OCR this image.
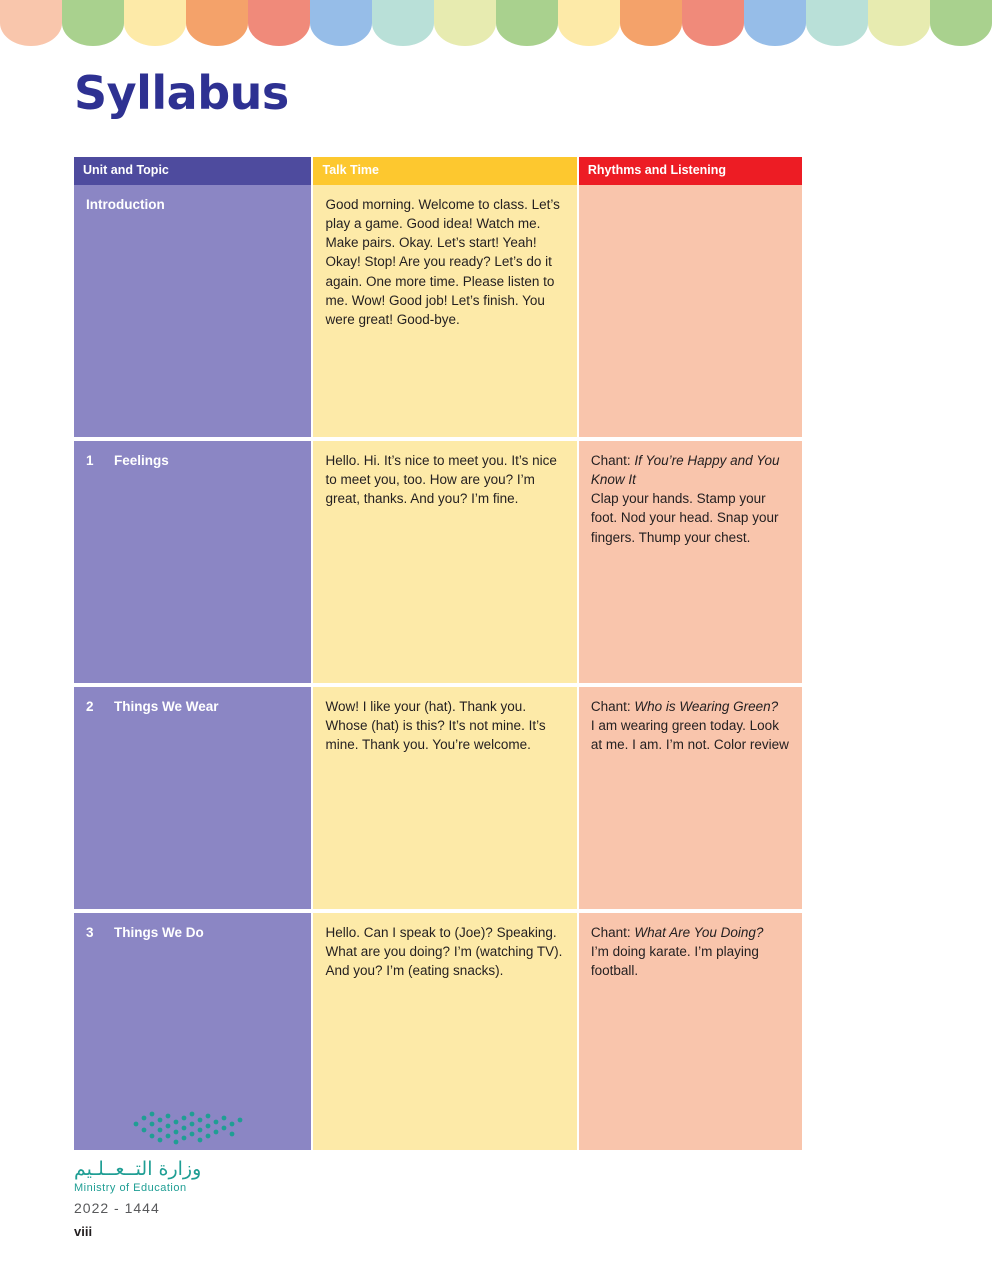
Syllabus
Unit and Topic	Talk Time	Rhythms and Listening

Introduction	Good morning. Welcome to class. Let’s play a game. Good idea! Watch me. Make pairs. Okay. Let’s start! Yeah! Okay! Stop! Are you ready? Let’s do it again. One more time. Please listen to me. Wow! Good job! Let’s finish. You were great! Good-bye.	

1 Feelings	Hello. Hi. It’s nice to meet you. It’s nice to meet you, too. How are you? I’m great, thanks. And you? I’m fine.	Chant: If You’re Happy and You Know It
Clap your hands. Stamp your foot. Nod your head. Snap your fingers. Thump your chest.

2 Things We Wear	Wow! I like your (hat). Thank you. Whose (hat) is this? It’s not mine. It’s mine. Thank you. You’re welcome.	Chant: Who is Wearing Green?
I am wearing green today. Look at me. I am. I’m not. Color review

3 Things We Do	Hello. Can I speak to (Joe)? Speaking. What are you doing? I’m (watching TV). And you? I’m (eating snacks).	Chant: What Are You Doing?
I’m doing karate. I’m playing football.
وزارة التــعــلـيم
Ministry of Education
2022 - 1444
viii
